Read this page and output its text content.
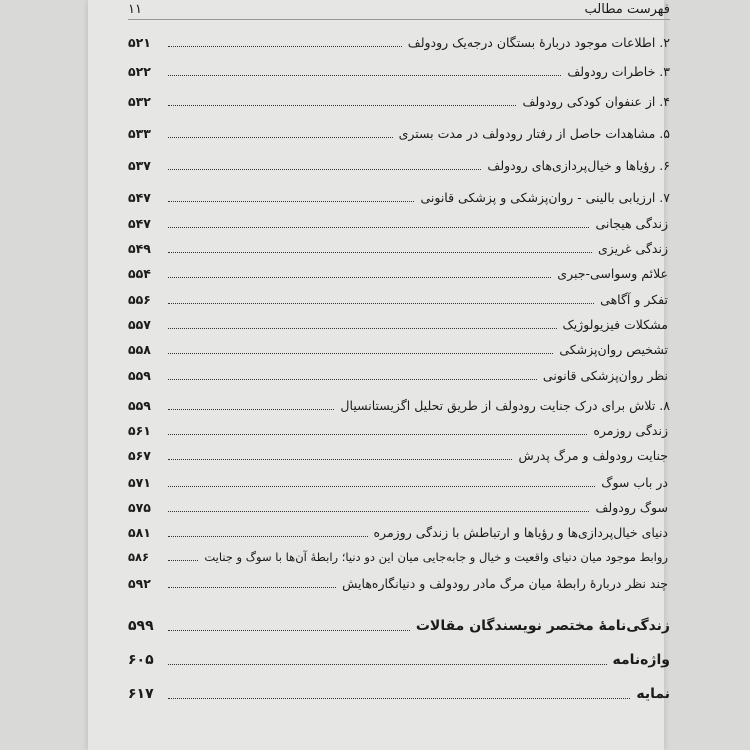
۱۱	فهرست مطالب
۲. اطلاعات موجود دربارهٔ بستگان درجه‌یک رودولف
۵۲۱
۳. خاطرات رودولف
۵۲۲
۴. از عنفوان کودکی رودولف
۵۳۲
۵. مشاهدات حاصل از رفتار رودولف در مدت بستری
۵۳۳
۶. رؤیاها و خیال‌پردازی‌های رودولف
۵۳۷
۷. ارزیابی بالینی - روان‌پزشکی و پزشکی قانونی
۵۴۷
زندگی هیجانی
۵۴۷
زندگی غریزی
۵۴۹
علائم وسواسی-جبری
۵۵۴
تفکر و آگاهی
۵۵۶
مشکلات فیزیولوژیک
۵۵۷
تشخیص روان‌پزشکی
۵۵۸
نظر روان‌پزشکی قانونی
۵۵۹
۸. تلاش برای درک جنایت رودولف از طریق تحلیل اگزیستانسیال
۵۵۹
زندگی روزمره
۵۶۱
جنایت رودولف و مرگ پدرش
۵۶۷
در باب سوگ
۵۷۱
سوگ رودولف
۵۷۵
دنیای خیال‌پردازی‌ها و رؤیاها و ارتباطش با زندگی روزمره
۵۸۱
روابط موجود میان دنیای واقعیت و خیال و جابه‌جایی میان این دو دنیا؛ رابطهٔ آن‌ها با سوگ و جنایت
۵۸۶
چند نظر دربارهٔ رابطهٔ میان مرگ مادر رودولف و دنیانگاره‌هایش
۵۹۲
زندگی‌نامهٔ مختصر نویسندگان مقالات
۵۹۹
واژه‌نامه
۶۰۵
نمایه
۶۱۷
